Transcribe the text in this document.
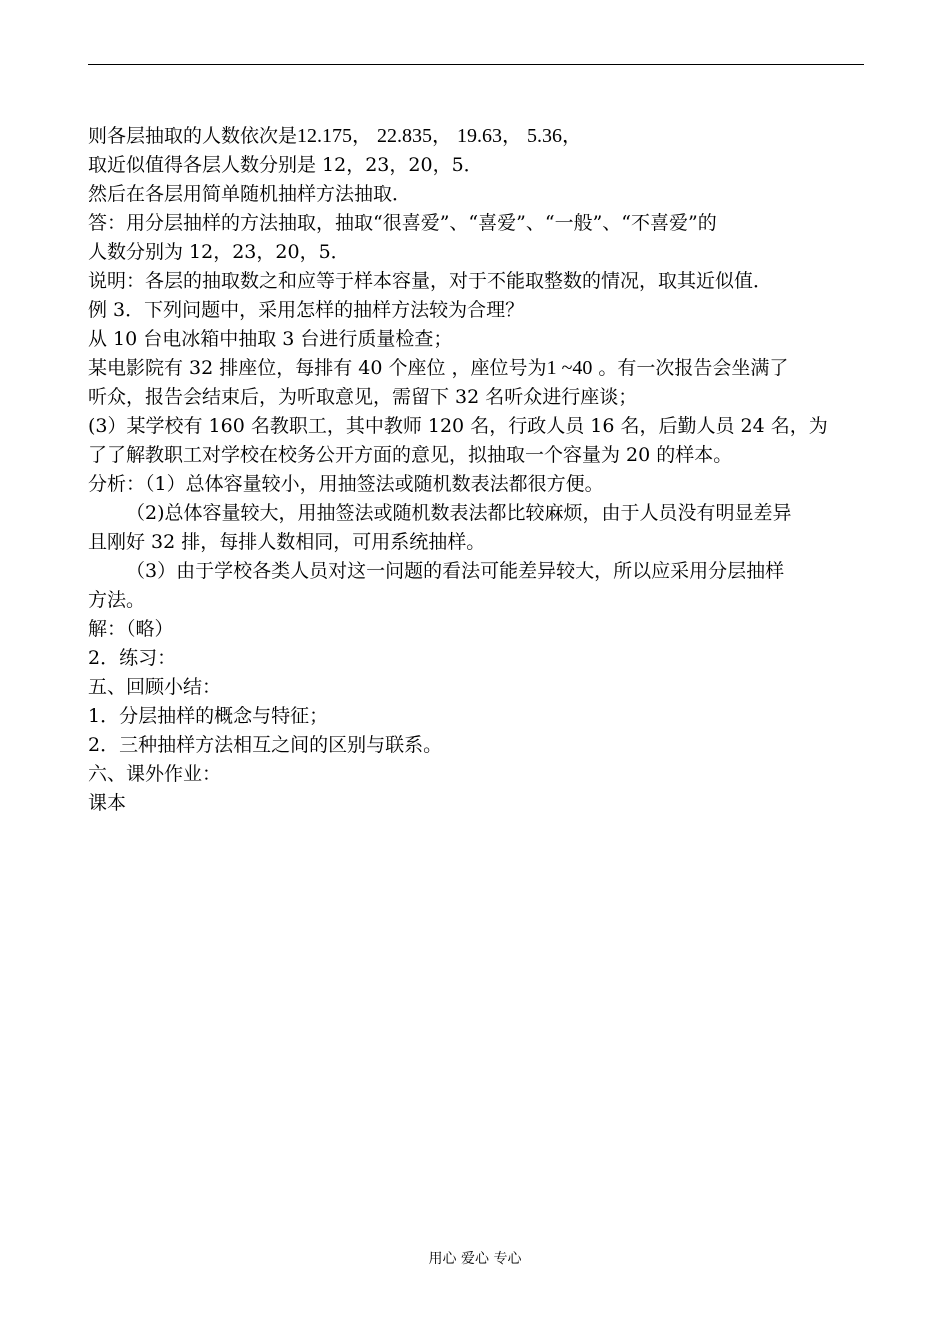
则各层抽取的人数依次是12.175， 22.835， 19.63， 5.36，
取近似值得各层人数分别是 12，23，20，5．
然后在各层用简单随机抽样方法抽取．
答：用分层抽样的方法抽取，抽取“很喜爱”、“喜爱”、“一般”、“不喜爱”的
人数分别为 12，23，20，5．
说明：各层的抽取数之和应等于样本容量，对于不能取整数的情况，取其近似值．
例 3．下列问题中，采用怎样的抽样方法较为合理？
从 10 台电冰箱中抽取 3 台进行质量检查；
某电影院有 32 排座位，每排有 40 个座位 ，座位号为1 ~40 。有一次报告会坐满了
听众，报告会结束后，为听取意见，需留下 32 名听众进行座谈；
(3）某学校有 160 名教职工，其中教师 120 名，行政人员 16 名，后勤人员 24 名，为
了了解教职工对学校在校务公开方面的意见，拟抽取一个容量为 20 的样本。
分析：（1）总体容量较小，用抽签法或随机数表法都很方便。
（2)总体容量较大，用抽签法或随机数表法都比较麻烦，由于人员没有明显差异
且刚好 32 排，每排人数相同，可用系统抽样。
（3）由于学校各类人员对这一问题的看法可能差异较大，所以应采用分层抽样
方法。
解：（略）
2．练习：
五、回顾小结：
1．分层抽样的概念与特征；
2．三种抽样方法相互之间的区别与联系。
六、课外作业：
课本
用心 爱心 专心
